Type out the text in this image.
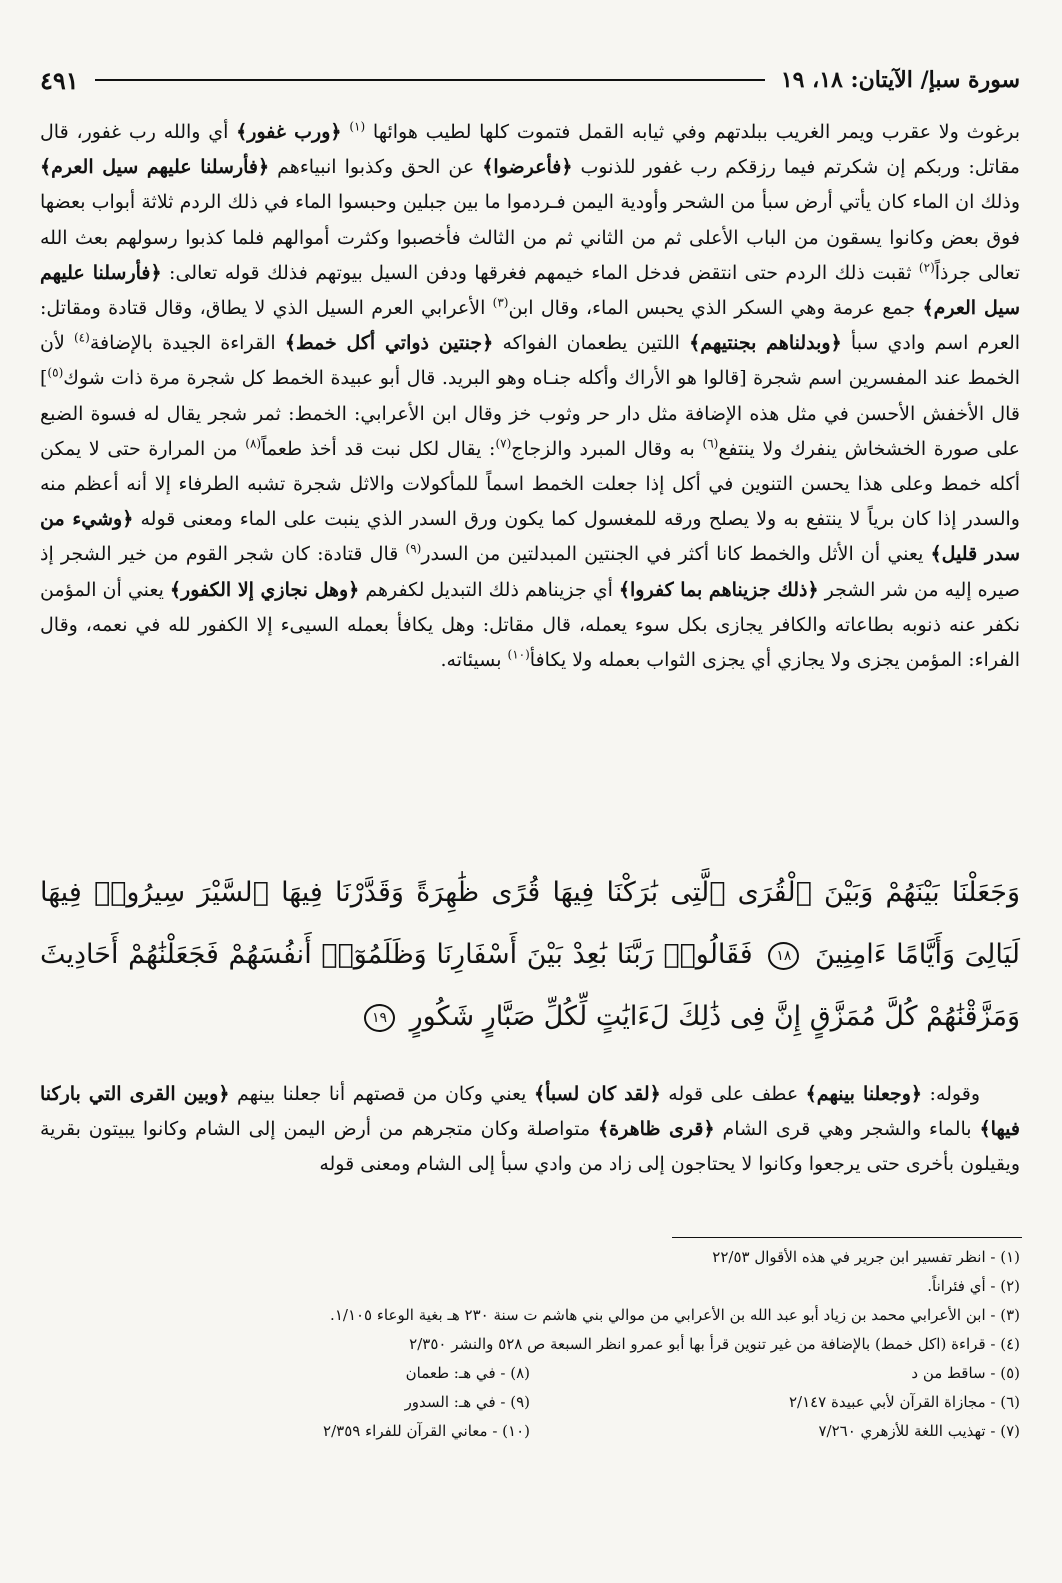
سورة سبإ/ الآيتان: ١٨، ١٩
٤٩١

برغوث ولا عقرب ويمر الغريب ببلدتهم وفي ثيابه القمل فتموت كلها لطيب هوائها $^{(١)}$ ﴿ورب غفور﴾ أي والله رب غفور، قال مقاتل: وربكم إن شكرتم فيما رزقكم رب غفور للذنوب ﴿فأعرضوا﴾ عن الحق وكذبوا انبياءهم ﴿فأرسلنا عليهم سيل العرم﴾ وذلك ان الماء كان يأتي أرض سبأ من الشحر وأودية اليمن فـردموا ما بين جبلين وحبسوا الماء في ذلك الردم ثلاثة أبواب بعضها فوق بعض وكانوا يسقون من الباب الأعلى ثم من الثاني ثم من الثالث فأخصبوا وكثرت أموالهم فلما كذبوا رسولهم بعث الله تعالى جرذاً$^{(٢)}$ ثقبت ذلك الردم حتى انتقض فدخل الماء خيمهم فغرقها ودفن السيل بيوتهم فذلك قوله تعالى: ﴿فأرسلنا عليهم سيل العرم﴾ جمع عرمة وهي السكر الذي يحبس الماء، وقال ابن$^{(٣)}$ الأعرابي العرم السيل الذي لا يطاق، وقال قتادة ومقاتل: العرم اسم وادي سبأ ﴿وبدلناهم بجنتيهم﴾ اللتين يطعمان الفواكه ﴿جنتين ذواتي أكل خمط﴾ القراءة الجيدة بالإضافة$^{(٤)}$ لأن الخمط عند المفسرين اسم شجرة [قالوا هو الأراك وأكله جنـاه وهو البريد. قال أبو عبيدة الخمط كل شجرة مرة ذات شوك$^{(٥)}$] قال الأخفش الأحسن في مثل هذه الإضافة مثل دار حر وثوب خز وقال ابن الأعرابي: الخمط: ثمر شجر يقال له فسوة الضبع على صورة الخشخاش ينفرك ولا ينتفع$^{(٦)}$ به وقال المبرد والزجاج$^{(٧)}$: يقال لكل نبت قد أخذ طعماً$^{(٨)}$ من المرارة حتى لا يمكن أكله خمط وعلى هذا يحسن التنوين في أكل إذا جعلت الخمط اسماً للمأكولات والاثل شجرة تشبه الطرفاء إلا أنه أعظم منه والسدر إذا كان برياً لا ينتفع به ولا يصلح ورقه للمغسول كما يكون ورق السدر الذي ينبت على الماء ومعنى قوله ﴿وشيء من سدر قليل﴾ يعني أن الأثل والخمط كانا أكثر في الجنتين المبدلتين من السدر$^{(٩)}$ قال قتادة: كان شجر القوم من خير الشجر إذ صيره إليه من شر الشجر ﴿ذلك جزيناهم بما كفروا﴾ أي جزيناهم ذلك التبديل لكفرهم ﴿وهل نجازي إلا الكفور﴾ يعني أن المؤمن نكفر عنه ذنوبه بطاعاته والكافر يجازى بكل سوء يعمله، قال مقاتل: وهل يكافأ بعمله السيىء إلا الكفور لله في نعمه، وقال الفراء: المؤمن يجزى ولا يجازي أي يجزى الثواب بعمله ولا يكافأ$^{(١٠)}$ بسيئاته.

وَجَعَلْنَا بَيْنَهُمْ وَبَيْنَ ٱلْقُرَى ٱلَّتِى بَٰرَكْنَا فِيهَا قُرًى ظَٰهِرَةً وَقَدَّرْنَا فِيهَا ٱلسَّيْرَ سِيرُوا۟ فِيهَا لَيَالِىَ وَأَيَّامًا ءَامِنِينَ ١٨ فَقَالُوا۟ رَبَّنَا بَٰعِدْ بَيْنَ أَسْفَارِنَا وَظَلَمُوٓا۟ أَنفُسَهُمْ فَجَعَلْنَٰهُمْ أَحَادِيثَ وَمَزَّقْنَٰهُمْ كُلَّ مُمَزَّقٍ إِنَّ فِى ذَٰلِكَ لَءَايَٰتٍ لِّكُلِّ صَبَّارٍ شَكُورٍ ١٩

وقوله: ﴿وجعلنا بينهم﴾ عطف على قوله ﴿لقد كان لسبأ﴾ يعني وكان من قصتهم أنا جعلنا بينهم ﴿وبين القرى التي باركنا فيها﴾ بالماء والشجر وهي قرى الشام ﴿قرى ظاهرة﴾ متواصلة وكان متجرهم من أرض اليمن إلى الشام وكانوا يبيتون بقرية ويقيلون بأخرى حتى يرجعوا وكانوا لا يحتاجون إلى زاد من وادي سبأ إلى الشام ومعنى قوله

(١) - انظر تفسير ابن جرير في هذه الأقوال ٢٢/٥٣
(٢) - أي فئراناً.
(٣) - ابن الأعرابي محمد بن زياد أبو عبد الله بن الأعرابي من موالي بني هاشم ت سنة ٢٣٠ هـ بغية الوعاء ١/١٠٥.
(٤) - قراءة (اكل خمط) بالإضافة من غير تنوين قرأ بها أبو عمرو انظر السبعة ص ٥٢٨ والنشر ٢/٣٥٠
(٥) - ساقط من د
(٨) - في هـ: طعمان
(٦) - مجازاة القرآن لأبي عبيدة ٢/١٤٧
(٩) - في هـ: السدور
(٧) - تهذيب اللغة للأزهري ٧/٢٦٠
(١٠) - معاني القرآن للفراء ٢/٣٥٩
